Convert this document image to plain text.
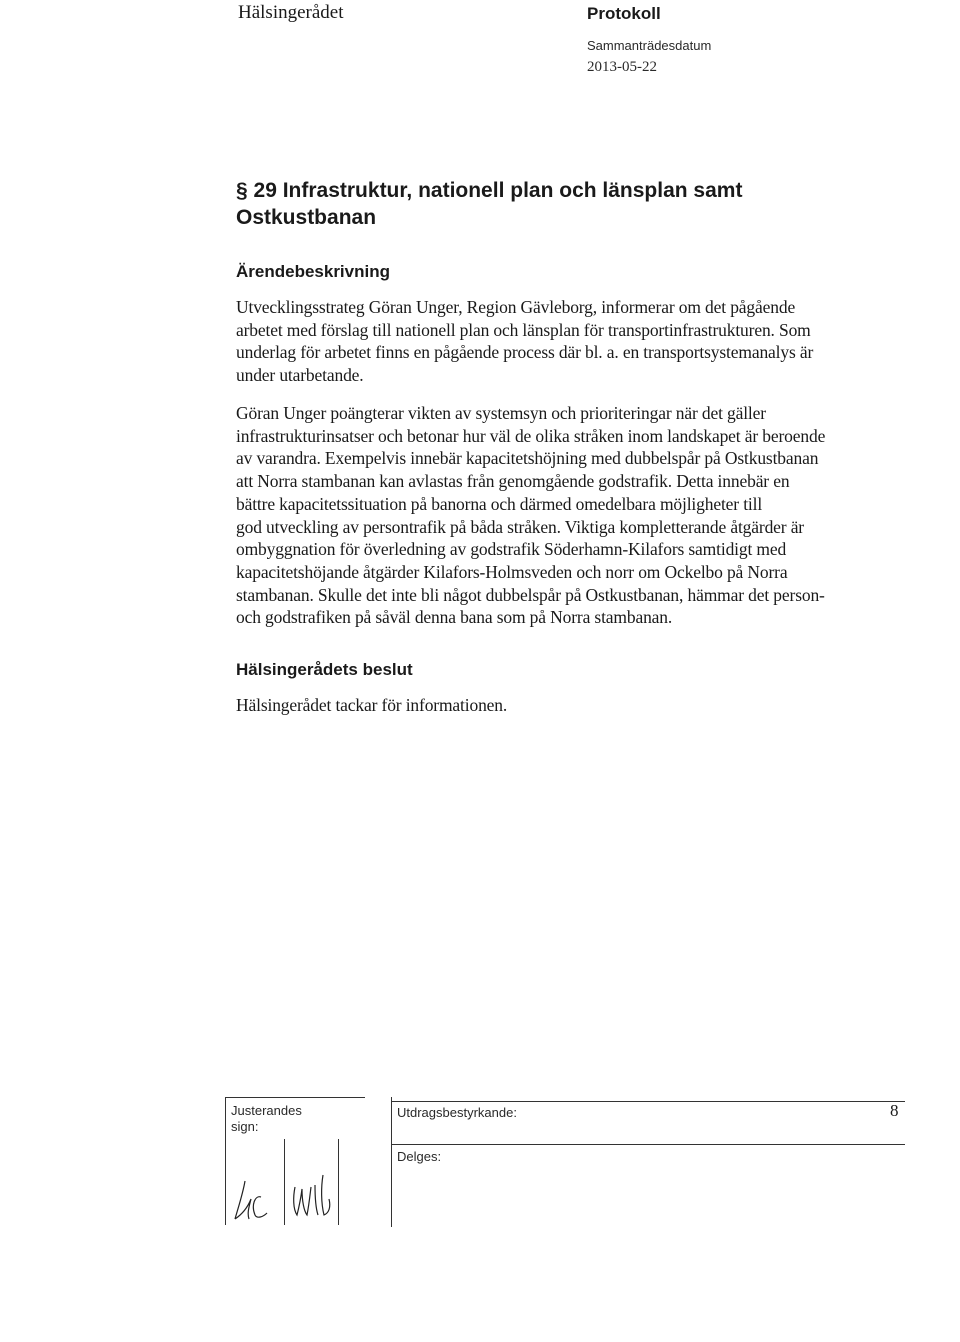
Hälsingerådet	Protokoll
Sammanträdesdatum
2013-05-22
§ 29 Infrastruktur, nationell plan och länsplan samt
Ostkustbanan
Ärendebeskrivning
Utvecklingsstrateg Göran Unger, Region Gävleborg, informerar om det pågående
arbetet med förslag till nationell plan och länsplan för transportinfrastrukturen. Som
underlag för arbetet finns en pågående process där bl. a. en transportsystemanalys är
under utarbetande.
Göran Unger poängterar vikten av systemsyn och prioriteringar när det gäller
infrastrukturinsatser och betonar hur väl de olika stråken inom landskapet är beroende
av varandra. Exempelvis innebär kapacitetshöjning med dubbelspår på Ostkustbanan
att Norra stambanan kan avlastas från genomgående godstrafik. Detta innebär en
bättre kapacitetssituation på banorna och därmed omedelbara möjligheter till
god utveckling av persontrafik på båda stråken. Viktiga kompletterande åtgärder är
ombyggnation för överledning av godstrafik Söderhamn-Kilafors samtidigt med
kapacitetshöjande åtgärder Kilafors-Holmsveden och norr om Ockelbo på Norra
stambanan. Skulle det inte bli något dubbelspår på Ostkustbanan, hämmar det person-
och godstrafiken på såväl denna bana som på Norra stambanan.
Hälsingerådets beslut
Hälsingerådet tackar för informationen.
Justerandes
sign:
Utdragsbestyrkande:	8
Delges:
